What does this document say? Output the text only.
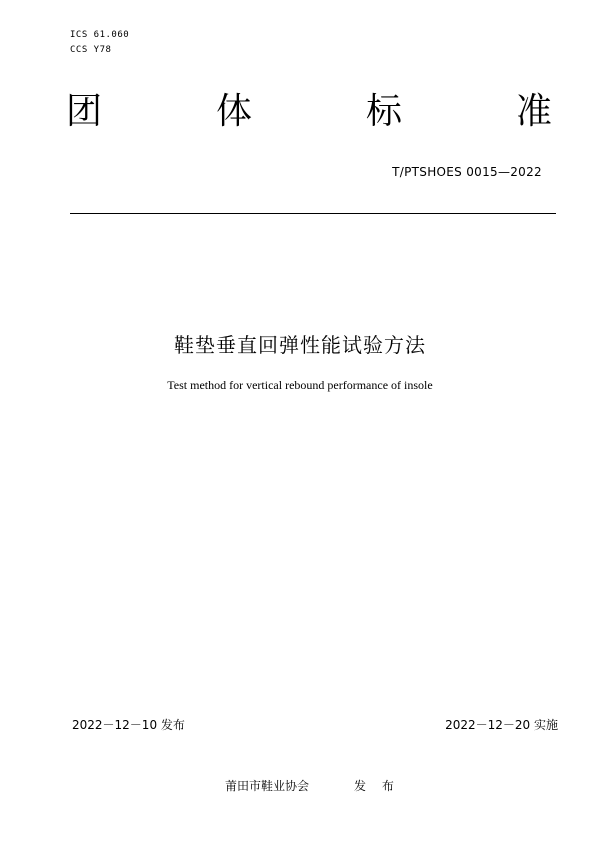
ICS 61.060
CCS Y78
团	体	标	准
T/PTSHOES 0015—2022
鞋垫垂直回弹性能试验方法
Test method for vertical rebound performance of insole
2022－12－10 发布	2022－12－20 实施
莆田市鞋业协会	发 布
